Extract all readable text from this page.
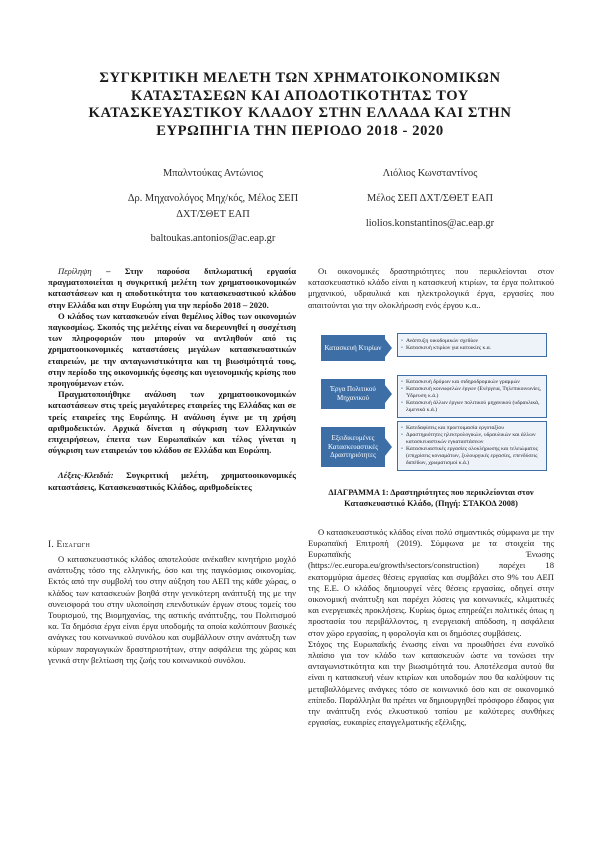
ΣΥΓΚΡΙΤΙΚΗ ΜΕΛΕΤΗ ΤΩΝ ΧΡΗΜΑΤΟΙΚΟΝΟΜΙΚΩΝ
ΚΑΤΑΣΤΑΣΕΩΝ ΚΑΙ ΑΠΟΔΟΤΙΚΟΤΗΤΑΣ ΤΟΥ
ΚΑΤΑΣΚΕΥΑΣΤΙΚΟΥ ΚΛΑΔΟΥ ΣΤΗΝ ΕΛΛΑΔΑ ΚΑΙ ΣΤΗΝ
ΕΥΡΩΠΗΓΙΑ ΤΗΝ ΠΕΡΙΟΔΟ 2018 - 2020
Μπαλντούκας Αντώνιος
Δρ. Μηχανολόγος Μηχ/κός, Μέλος ΣΕΠ
ΔΧΤ/ΣΘΕΤ ΕΑΠ
baltoukas.antonios@ac.eap.gr
Λιόλιος Κωνσταντίνος
Μέλος ΣΕΠ ΔΧΤ/ΣΘΕΤ ΕΑΠ
liolios.konstantinos@ac.eap.gr

Περίληψη – Στην παρούσα διπλωματική εργασία πραγματοποιείται η συγκριτική μελέτη των χρηματοοικονομικών καταστάσεων και η αποδοτικότητα του κατασκευαστικού κλάδου στην Ελλάδα και στην Ευρώπη για την περίοδο 2018 – 2020.

Ο κλάδος των κατασκευών είναι θεμέλιος λίθος των οικονομιών παγκοσμίως. Σκοπός της μελέτης είναι να διερευνηθεί η συσχέτιση των πληροφοριών που μπορούν να αντληθούν από τις χρηματοοικονομικές καταστάσεις μεγάλων κατασκευαστικών εταιρειών, με την ανταγωνιστικότητα και τη βιωσιμότητά τους, στην περίοδο της οικονομικής ύφεσης και υγειονομικής κρίσης που προηγούμενων ετών.

Πραγματοποιήθηκε ανάλυση των χρηματοοικονομικών καταστάσεων στις τρείς μεγαλύτερες εταιρείες της Ελλάδας και σε τρείς εταιρείες της Ευρώπης. Η ανάλυση έγινε με τη χρήση αριθμοδεικτών. Αρχικά δίνεται η σύγκριση των Ελληνικών επιχειρήσεων, έπειτα των Ευρωπαϊκών και τέλος γίνεται η σύγκριση των εταιρειών του κλάδου σε Ελλάδα και Ευρώπη.

Λέξεις-Κλειδιά: Συγκριτική μελέτη, χρηματοοικονομικές καταστάσεις, Κατασκευαστικός Κλάδος, αριθμοδείκτες

Ι. Εισαγωγη

Ο κατασκευαστικός κλάδος αποτελούσε ανέκαθεν κινητήριο μοχλό ανάπτυξης τόσο της ελληνικής, όσο και της παγκόσμιας οικονομίας. Εκτός από την συμβολή του στην αύξηση του ΑΕΠ της κάθε χώρας, ο κλάδος των κατασκευών βοηθά στην γενικότερη ανάπτυξή της με την συνεισφορά του στην υλοποίηση επενδυτικών έργων στους τομείς του Τουρισμού, της Βιομηχανίας, της αστικής ανάπτυξης, του Πολιτισμού κα. Τα δημόσια έργα είναι έργα υποδομής τα οποία καλύπτουν βασικές ανάγκες του κοινωνικού συνόλου και συμβάλλουν στην ανάπτυξη των κύριων παραγωγικών δραστηριοτήτων, στην ασφάλεια της χώρας και γενικά στην βελτίωση της ζωής του κοινωνικού συνόλου.

Οι οικονομικές δραστηριότητες που περικλείονται στον κατασκευαστικό κλάδο είναι η κατασκευή κτιρίων, τα έργα πολιτικού μηχανικού, υδραυλικά και ηλεκτρολογικά έργα, εργασίες που απαιτούνται για την ολοκλήρωση ενός έργου κ.α..

Κατασκευή Κτιρίων
• Ανάπτυξη οικοδομικών σχεδίων
• Κατασκευή κτιρίων για κατοικίες κ.α.
Έργα Πολιτικού Μηχανικού
• Κατασκευή δρόμων και σιδηροδρομικών γραμμών
• Κατασκευή κοινωφελών έργων (Ενέργεια, Τηλεπικοινωνίες, Ύδρευση κ.ά.)
• Κατασκευή άλλων έργων πολιτικού μηχανικού (υδραυλικά, λιμενικά κ.ά.)
Εξειδικευμένες Κατασκευαστικές Δραστηριότητες
• Κατεδαφίσεις και προετοιμασία εργοταξίου
• Δραστηριότητες ηλεκτρολογικών, υδραυλικών και άλλων κατασκευαστικών εγκαταστάσεων
• Κατασκευαστικές εργασίες ολοκλήρωσης και τελειώματος (επιχρίσεις κονιαμάτων, ξυλουργικές εργασίες, επενδύσεις δαπέδων, χρωματισμοί κ.ά.)
ΔΙΑΓΡΑΜΜΑ 1: Δραστηριότητες που περικλείονται στον Κατασκευαστικό Κλάδο, (Πηγή: ΣΤΑΚΟΔ 2008)

Ο κατασκευαστικός κλάδος είναι πολύ σημαντικός σύμφωνα με την Ευρωπαϊκή Επιτροπή (2019). Σύμφωνα με τα στοιχεία της Ευρωπαϊκής Ένωσης (https://ec.europa.eu/growth/sectors/construction) παρέχει 18 εκατομμύρια άμεσες θέσεις εργασίας και συμβάλει στο 9% του ΑΕΠ της Ε.Ε. Ο κλάδος δημιουργεί νέες θέσεις εργασίας, οδηγεί στην οικονομική ανάπτυξη και παρέχει λύσεις για κοινωνικές, κλιματικές και ενεργειακές προκλήσεις. Κυρίως όμως επηρεάζει πολιτικές όπως η προστασία του περιβάλλοντος, η ενεργειακή απόδοση, η ασφάλεια στον χώρο εργασίας, η φορολογία και οι δημόσιες συμβάσεις.

Στόχος της Ευρωπαϊκής ένωσης είναι να προωθήσει ένα ευνοϊκό πλαίσιο για τον κλάδο των κατασκευών ώστε να τονώσει την ανταγωνιστικότητα και την βιωσιμότητά του. Αποτέλεσμα αυτού θα είναι η κατασκευή νέων κτιρίων και υποδομών που θα καλύψουν τις μεταβαλλόμενες ανάγκες τόσο σε κοινωνικό όσο και σε οικονομικό επίπεδο. Παράλληλα θα πρέπει να δημιουργηθεί πρόσφορο έδαφος για την ανάπτυξη ενός ελκυστικού τοπίου με καλύτερες συνθήκες εργασίας, ευκαιρίες επαγγελματικής εξέλιξης,
